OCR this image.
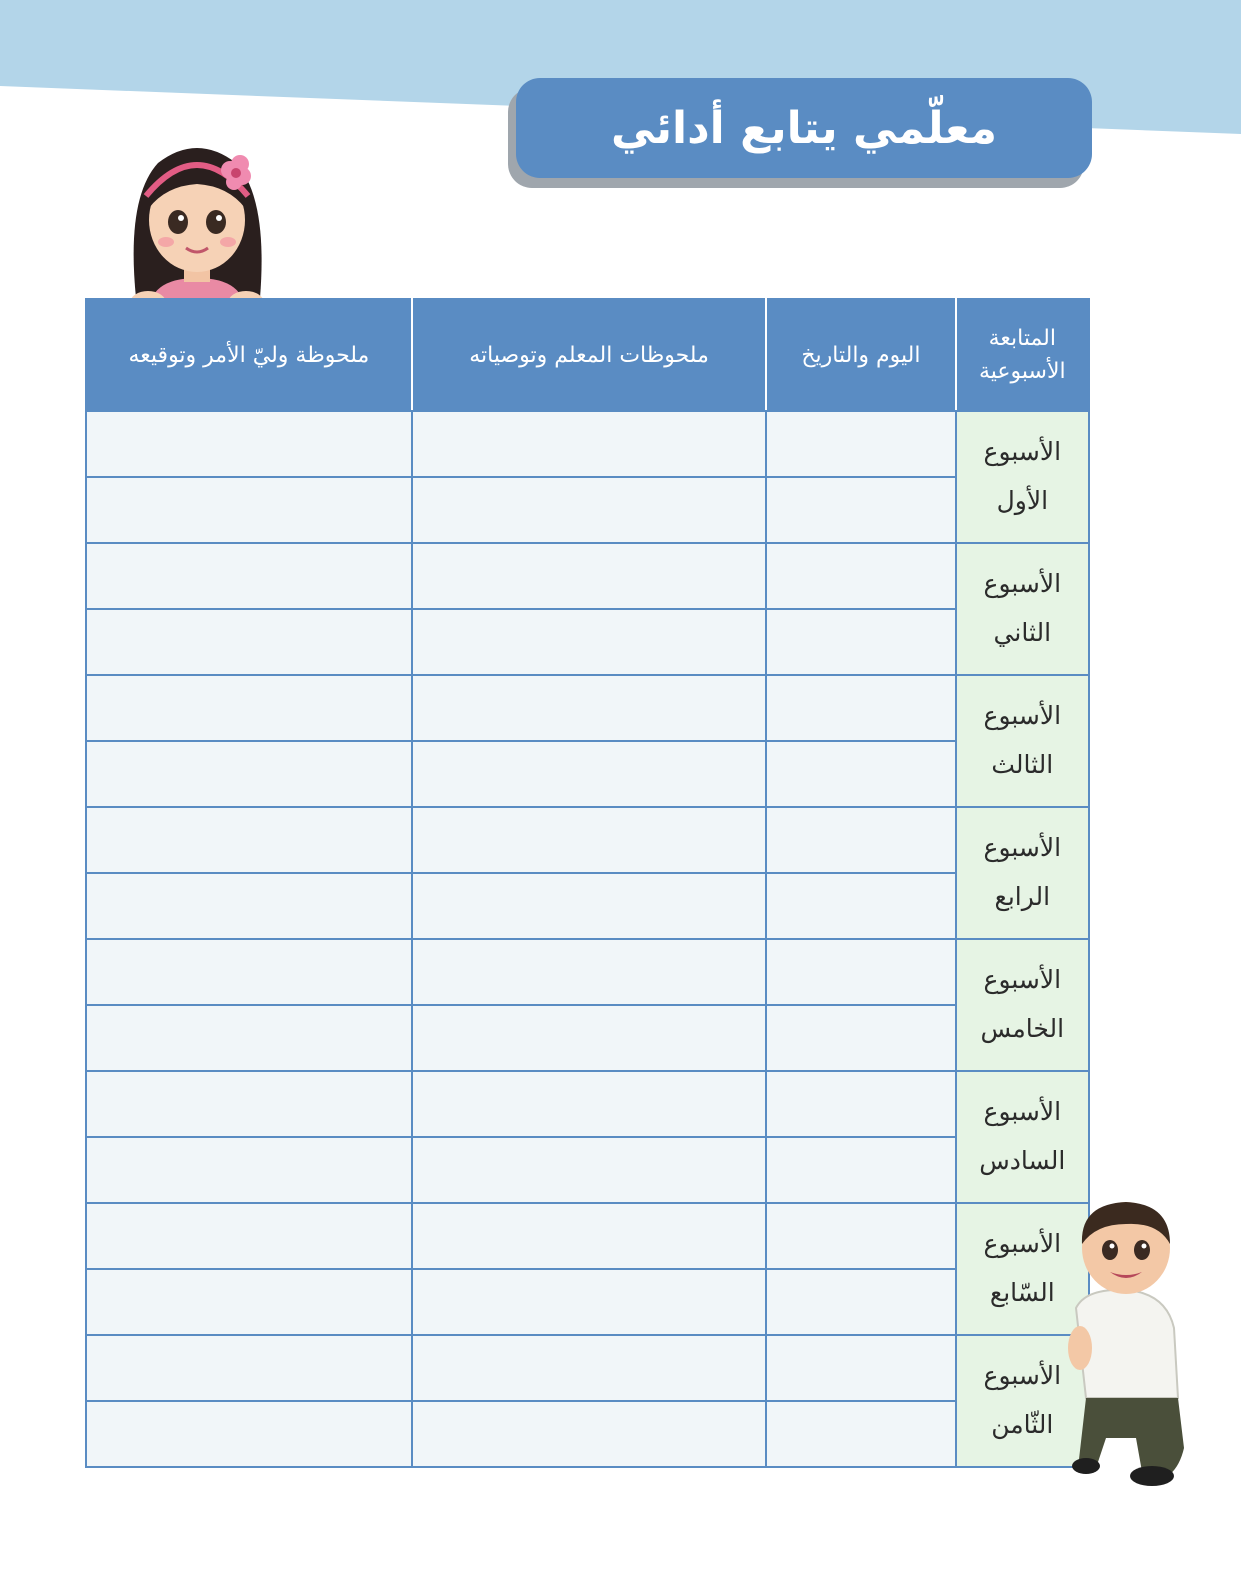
معلّمي يتابع أدائي
المتابعة
الأسبوعية	اليوم والتاريخ	ملحوظات المعلم وتوصياته	ملحوظة وليّ الأمر وتوقيعه

الأسبوع
الأول			

الأسبوع
الثاني			

الأسبوع
الثالث			

الأسبوع
الرابع			

الأسبوع
الخامس			

الأسبوع
السادس			

الأسبوع
السّابع			

الأسبوع
الثّامن			
